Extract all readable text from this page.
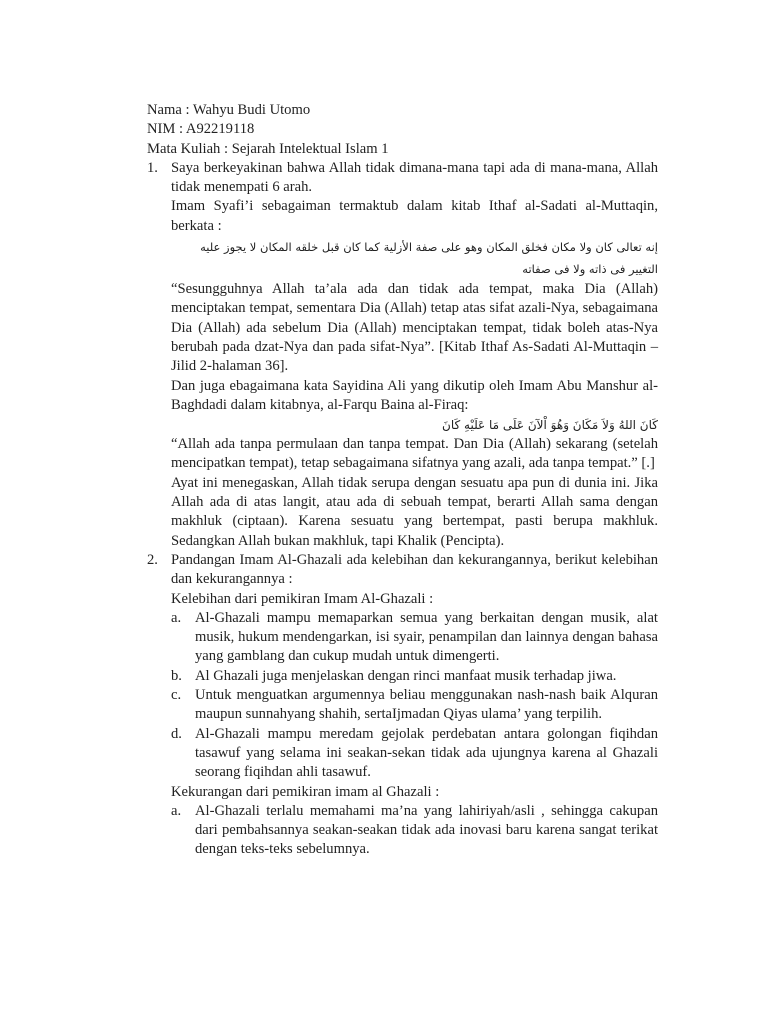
Nama : Wahyu Budi Utomo
NIM : A92219118
Mata Kuliah : Sejarah Intelektual Islam 1
1. Saya berkeyakinan bahwa Allah tidak dimana-mana tapi ada di mana-mana, Allah tidak menempati 6 arah.

Imam Syafi’i sebagaiman termaktub dalam kitab Ithaf al-Sadati al-Muttaqin, berkata :

إنه تعالى كان ولا مكان فخلق المكان وهو على صفة الأزلية كما كان قبل خلقه المكان لا يجوز عليه التغيير فى ذاته ولا فى صفاته

“Sesungguhnya Allah ta’ala ada dan tidak ada tempat, maka Dia (Allah) menciptakan tempat, sementara Dia (Allah) tetap atas sifat azali-Nya, sebagaimana Dia (Allah) ada sebelum Dia (Allah) menciptakan tempat, tidak boleh atas-Nya berubah pada dzat-Nya dan pada sifat-Nya”. [Kitab Ithaf As-Sadati Al-Muttaqin –Jilid 2-halaman 36].

Dan juga ebagaimana kata Sayidina Ali yang dikutip oleh Imam Abu Manshur al-Baghdadi dalam kitabnya, al-Farqu Baina al-Firaq:

كَانَ اللهُ وَلاَ مَكَانَ وَهُوَ اْلآنَ عَلَى مَا عَلَيْهِ كَانَ

“Allah ada tanpa permulaan dan tanpa tempat. Dan Dia (Allah) sekarang (setelah mencipatkan tempat), tetap sebagaimana sifatnya yang azali, ada tanpa tempat.” [.]

Ayat ini menegaskan, Allah tidak serupa dengan sesuatu apa pun di dunia ini. Jika Allah ada di atas langit, atau ada di sebuah tempat, berarti Allah sama dengan makhluk (ciptaan). Karena sesuatu yang bertempat, pasti berupa makhluk. Sedangkan Allah bukan makhluk, tapi Khalik (Pencipta).

2. Pandangan Imam Al-Ghazali ada kelebihan dan kekurangannya, berikut kelebihan dan kekurangannya :

Kelebihan dari pemikiran Imam Al-Ghazali :

a. Al-Ghazali mampu memaparkan semua yang berkaitan dengan musik, alat musik, hukum mendengarkan, isi syair, penampilan dan lainnya dengan bahasa yang gamblang dan cukup mudah untuk dimengerti.

b. Al Ghazali juga menjelaskan dengan rinci manfaat musik terhadap jiwa.

c. Untuk menguatkan argumennya beliau menggunakan nash-nash baik Alquran maupun sunnahyang shahih, sertaIjmadan Qiyas ulama’ yang terpilih.

d. Al-Ghazali mampu meredam gejolak perdebatan antara golongan fiqihdan tasawuf yang selama ini seakan-sekan tidak ada ujungnya karena al Ghazali seorang fiqihdan ahli tasawuf.

Kekurangan dari pemikiran imam al Ghazali :

a. Al-Ghazali terlalu memahami ma’na yang lahiriyah/asli , sehingga cakupan dari pembahsannya seakan-seakan tidak ada inovasi baru karena sangat terikat dengan teks-teks sebelumnya.
